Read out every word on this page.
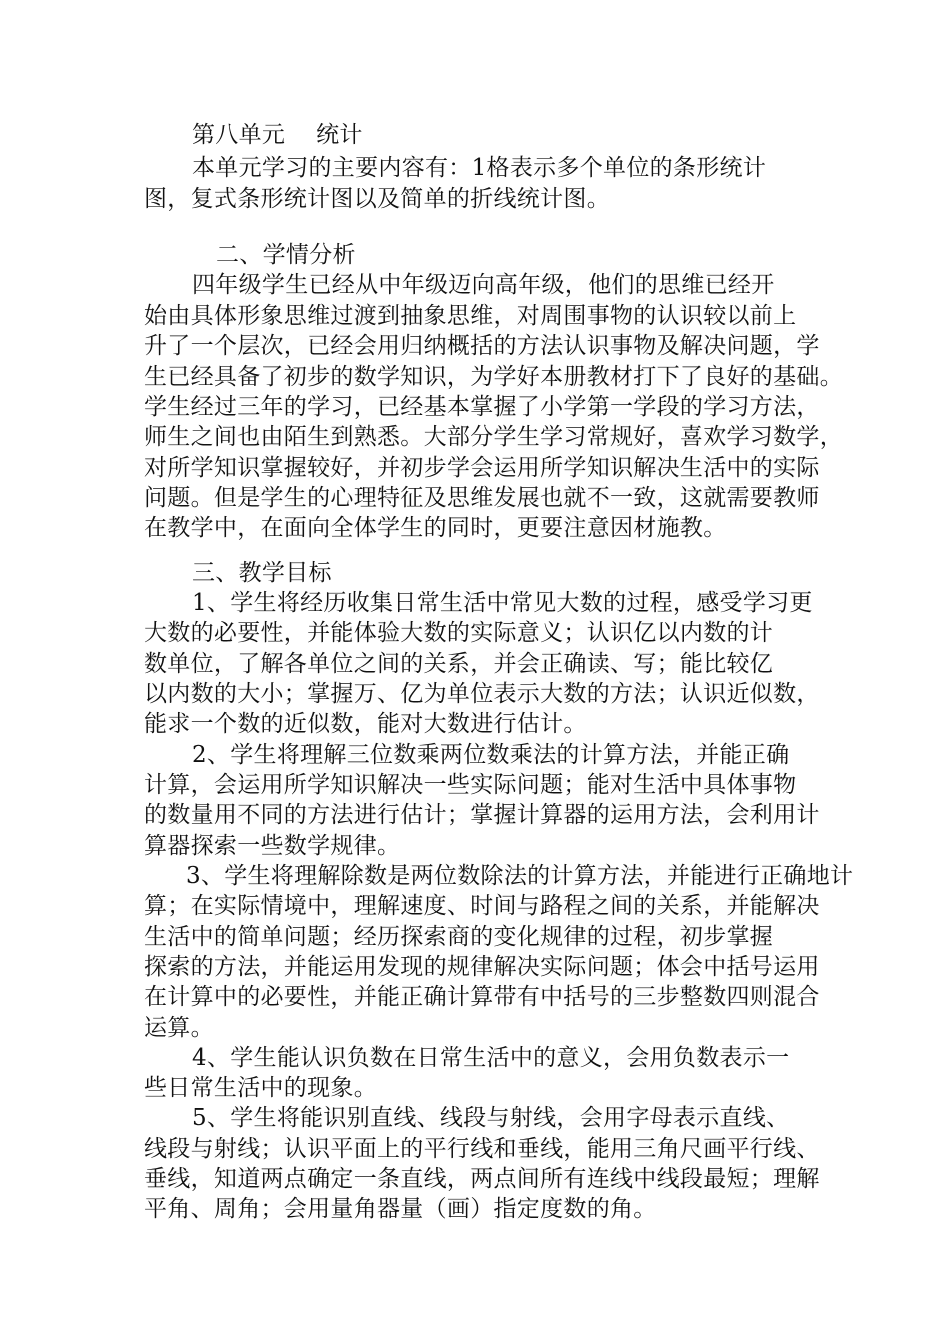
第八单元　 统计
本单元学习的主要内容有：1格表示多个单位的条形统计
图，复式条形统计图以及简单的折线统计图。
二、学情分析
四年级学生已经从中年级迈向高年级，他们的思维已经开
始由具体形象思维过渡到抽象思维，对周围事物的认识较以前上
升了一个层次，已经会用归纳概括的方法认识事物及解决问题，学
生已经具备了初步的数学知识，为学好本册教材打下了良好的基础。
学生经过三年的学习，已经基本掌握了小学第一学段的学习方法，
师生之间也由陌生到熟悉。大部分学生学习常规好，喜欢学习数学，
对所学知识掌握较好，并初步学会运用所学知识解决生活中的实际
问题。但是学生的心理特征及思维发展也就不一致，这就需要教师
在教学中，在面向全体学生的同时，更要注意因材施教。
三、教学目标
1、学生将经历收集日常生活中常见大数的过程，感受学习更
大数的必要性，并能体验大数的实际意义；认识亿以内数的计
数单位，了解各单位之间的关系，并会正确读、写；能比较亿
以内数的大小；掌握万、亿为单位表示大数的方法；认识近似数，
能求一个数的近似数，能对大数进行估计。
2、学生将理解三位数乘两位数乘法的计算方法，并能正确
计算，会运用所学知识解决一些实际问题；能对生活中具体事物
的数量用不同的方法进行估计；掌握计算器的运用方法，会利用计
算器探索一些数学规律。
3、学生将理解除数是两位数除法的计算方法，并能进行正确地计
算；在实际情境中，理解速度、时间与路程之间的关系，并能解决
生活中的简单问题；经历探索商的变化规律的过程，初步掌握
探索的方法，并能运用发现的规律解决实际问题；体会中括号运用
在计算中的必要性，并能正确计算带有中括号的三步整数四则混合
运算。
4、学生能认识负数在日常生活中的意义，会用负数表示一
些日常生活中的现象。
5、学生将能识别直线、线段与射线，会用字母表示直线、
线段与射线；认识平面上的平行线和垂线，能用三角尺画平行线、
垂线，知道两点确定一条直线，两点间所有连线中线段最短；理解
平角、周角；会用量角器量（画）指定度数的角。
